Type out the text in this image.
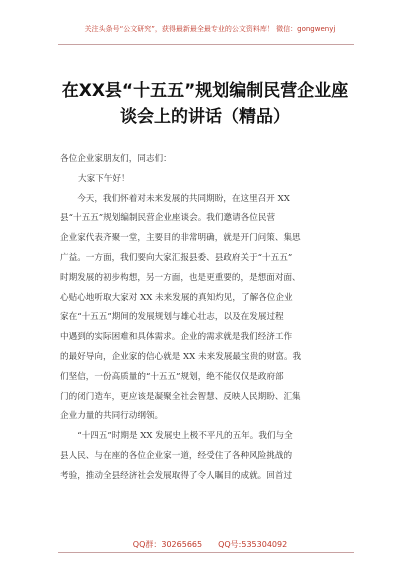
关注头条号“公文研究”，获得最新最全最专业的公文资料库！ 微信：gongwenyj
在XX县“十五五”规划编制民营企业座
谈会上的讲话（精品）
各位企业家朋友们，同志们：
大家下午好！
　　今天，我们怀着对未来发展的共同期盼，在这里召开 XX
县“十五五”规划编制民营企业座谈会。我们邀请各位民营
企业家代表齐聚一堂，主要目的非常明确，就是开门问策、集思
广益。一方面，我们要向大家汇报县委、县政府关于“十五五”
时期发展的初步构想，另一方面，也是更重要的，是想面对面、
心贴心地听取大家对 XX 未来发展的真知灼见，了解各位企业
家在“十五五”期间的发展规划与雄心壮志，以及在发展过程
中遇到的实际困难和具体需求。企业的需求就是我们经济工作
的最好导向，企业家的信心就是 XX 未来发展最宝贵的财富。我
们坚信，一份高质量的“十五五”规划，绝不能仅仅是政府部
门的闭门造车，更应该是凝聚全社会智慧、反映人民期盼、汇集
企业力量的共同行动纲领。
　　“十四五”时期是 XX 发展史上极不平凡的五年。我们与全
县人民、与在座的各位企业家一道，经受住了各种风险挑战的
考验，推动全县经济社会发展取得了令人瞩目的成就。回首过
QQ群：30265665　　QQ号:535304092
